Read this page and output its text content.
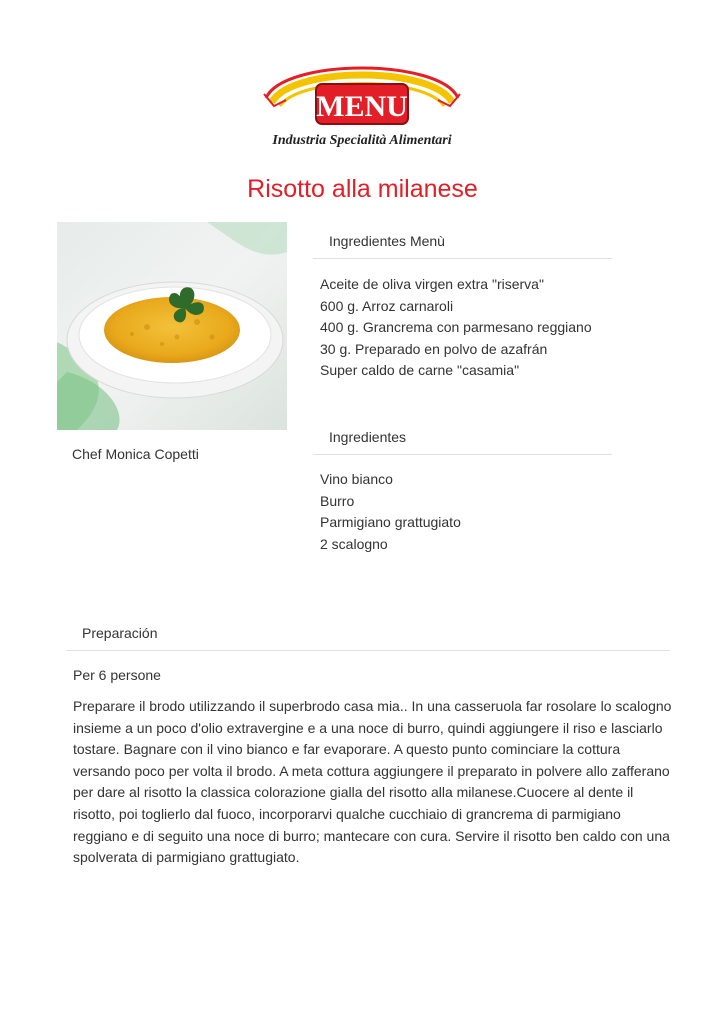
MENU
Industria Specialità Alimentari
Risotto alla milanese
Chef Monica Copetti
Ingredientes Menù
Aceite de oliva virgen extra "riserva"
600 g. Arroz carnaroli
400 g. Grancrema con parmesano reggiano
30 g. Preparado en polvo de azafrán
Super caldo de carne "casamia"
Ingredientes
Vino bianco
Burro
Parmigiano grattugiato
2 scalogno
Preparación
Per 6 persone

Preparare il brodo utilizzando il superbrodo casa mia.. In una casseruola far rosolare lo scalogno insieme a un poco d'olio extravergine e a una noce di burro, quindi aggiungere il riso e lasciarlo tostare. Bagnare con il vino bianco e far evaporare. A questo punto cominciare la cottura versando poco per volta il brodo. A meta cottura aggiungere il preparato in polvere allo zafferano per dare al risotto la classica colorazione gialla del risotto alla milanese.Cuocere al dente il risotto, poi toglierlo dal fuoco, incorporarvi qualche cucchiaio di grancrema di parmigiano reggiano e di seguito una noce di burro; mantecare con cura. Servire il risotto ben caldo con una spolverata di parmigiano grattugiato.
